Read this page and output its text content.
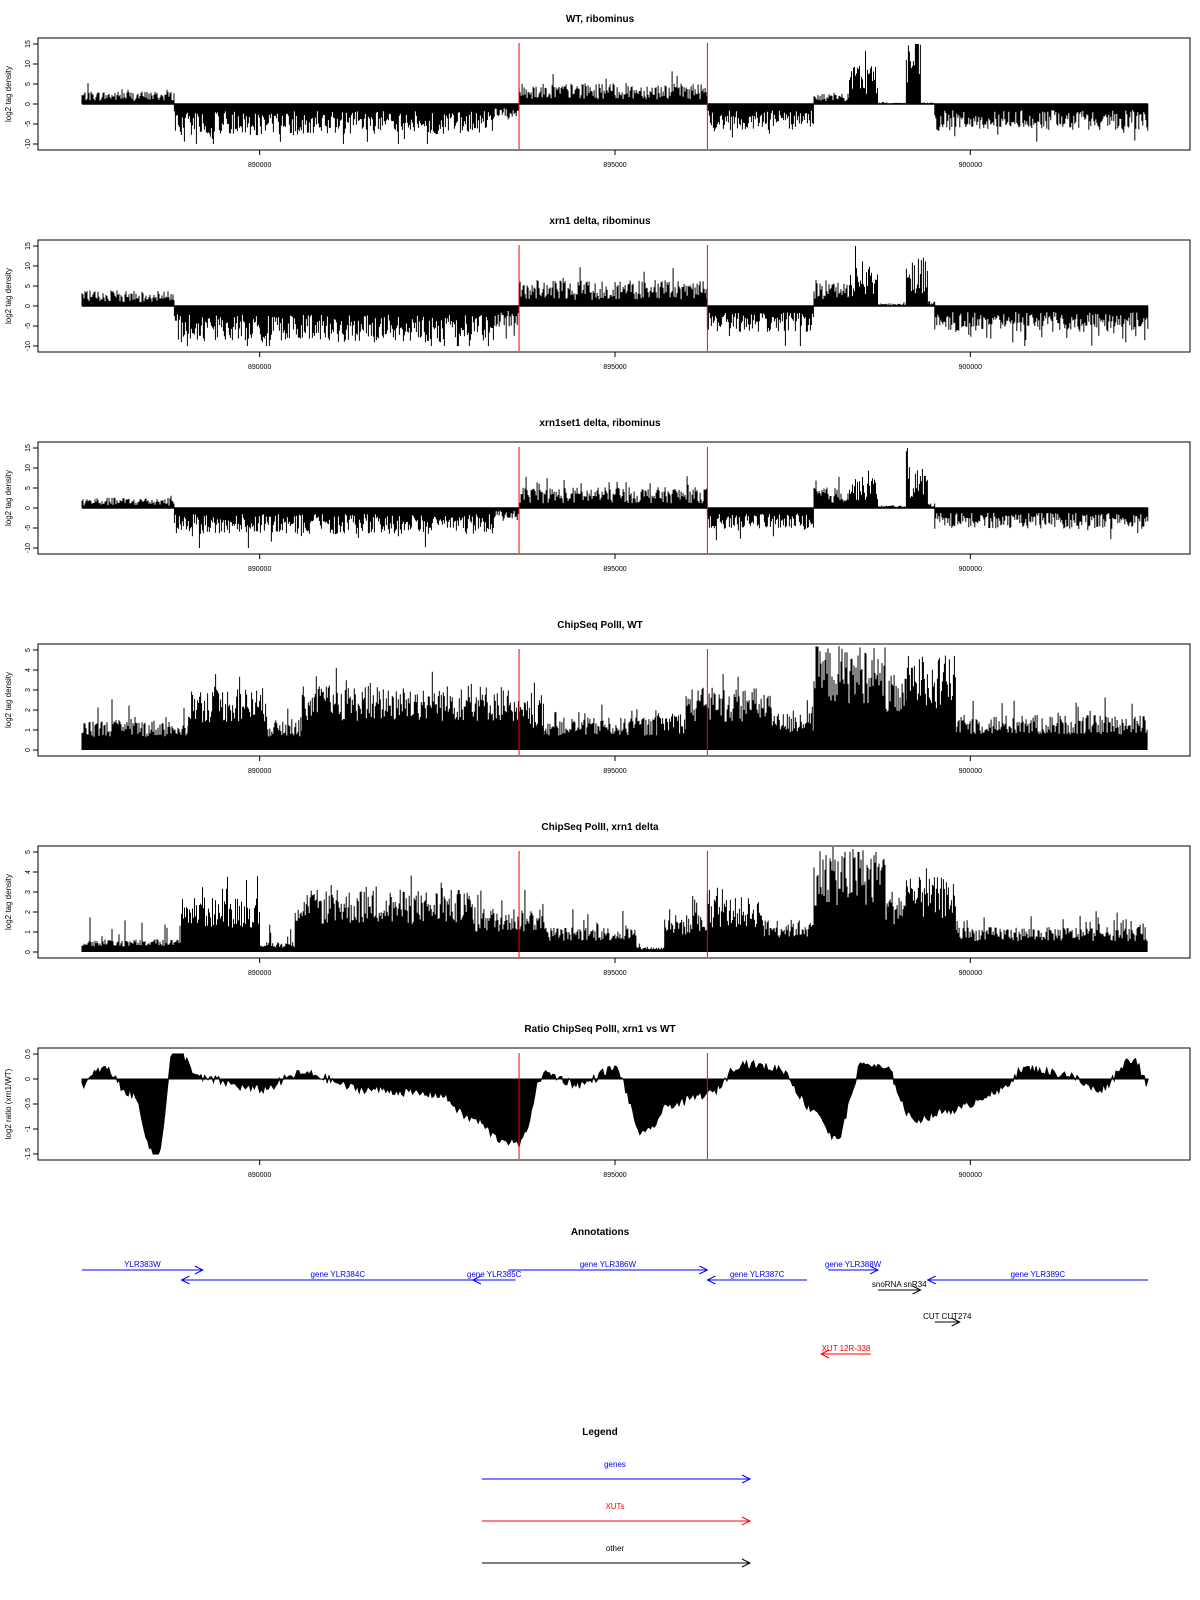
WT, ribominus
log2 tag density
-10
-5
0
5
10
15
890000	895000	900000
xrn1 delta, ribominus
log2 tag density
-10
-5
0
5
10
15
890000	895000	900000
xrn1set1 delta, ribominus
log2 tag density
-10
-5
0
5
10
15
890000	895000	900000
ChipSeq PolII, WT
log2 tag density
0
1
2
3
4
5
890000	895000	900000
ChipSeq PolII, xrn1 delta
log2 tag density
0
1
2
3
4
5
890000	895000	900000
Ratio ChipSeq PolII, xrn1 vs WT
log2 ratio (xrn1/WT)
-1.5
-1
-0.5
0
0.5
890000	895000	900000
Annotations
YLR383W
gene YLR384C	gene YLR385C
gene YLR386W
gene YLR387C
gene YLR388W
snoRNA snR34
gene YLR389C
CUT CUT274
XUT 12R-338
Legend
genes
XUTs
other
